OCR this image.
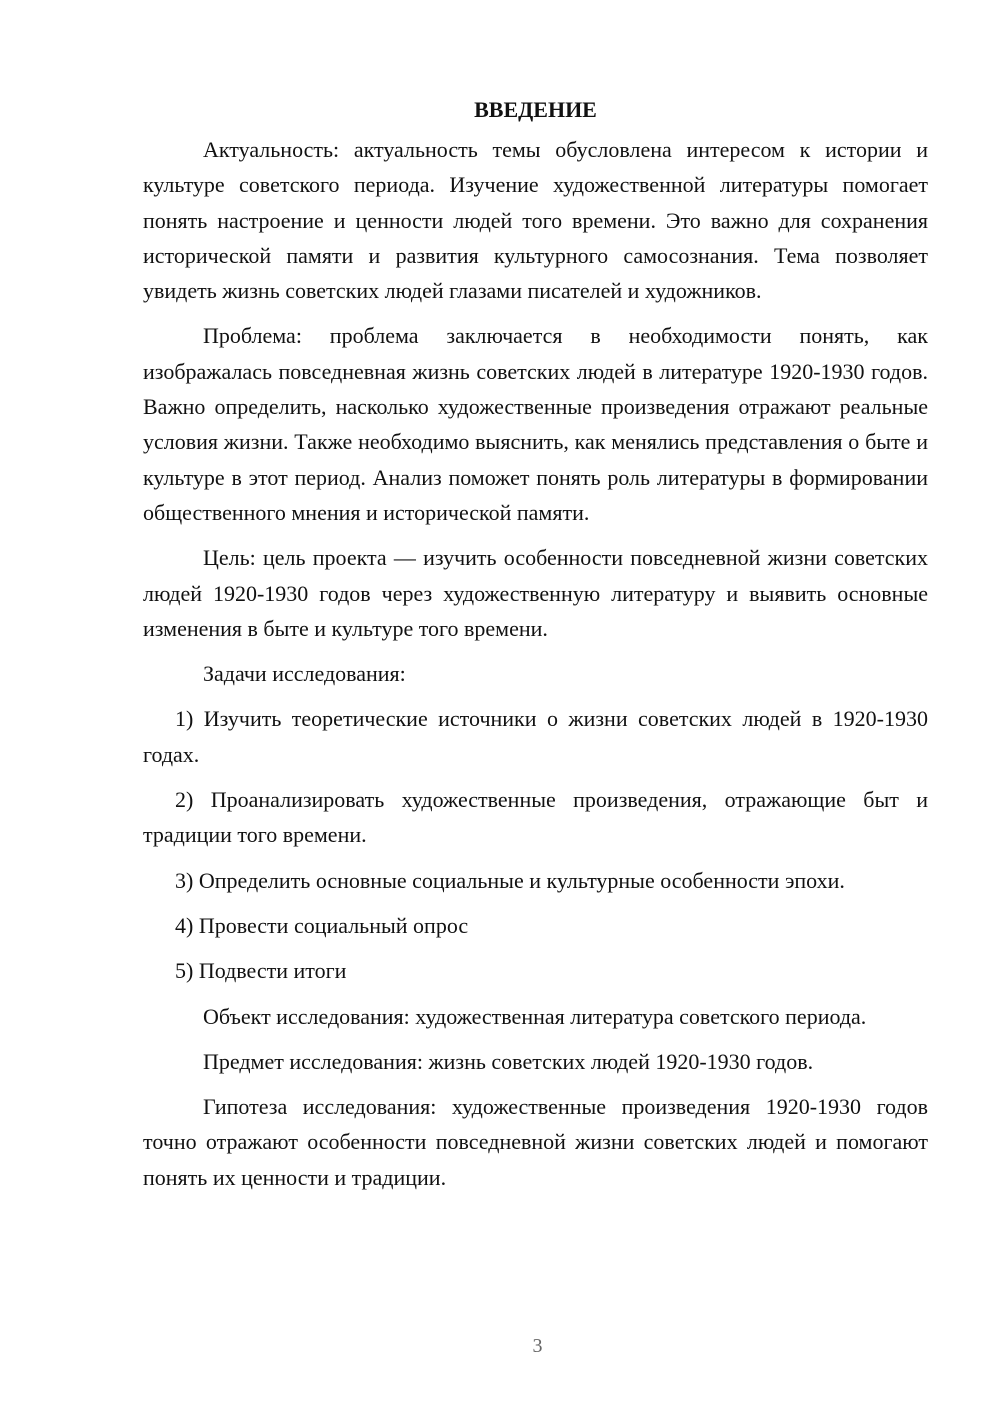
ВВЕДЕНИЕ

Актуальность: актуальность темы обусловлена интересом к истории и культуре советского периода. Изучение художественной литературы помогает понять настроение и ценности людей того времени. Это важно для сохранения исторической памяти и развития культурного самосознания. Тема позволяет увидеть жизнь советских людей глазами писателей и художников.

Проблема: проблема заключается в необходимости понять, как изображалась повседневная жизнь советских людей в литературе 1920-1930 годов. Важно определить, насколько художественные произведения отражают реальные условия жизни. Также необходимо выяснить, как менялись представления о быте и культуре в этот период. Анализ поможет понять роль литературы в формировании общественного мнения и исторической памяти.

Цель: цель проекта — изучить особенности повседневной жизни советских людей 1920-1930 годов через художественную литературу и выявить основные изменения в быте и культуре того времени.

Задачи исследования:

1) Изучить теоретические источники о жизни советских людей в 1920-1930 годах.

2) Проанализировать художественные произведения, отражающие быт и традиции того времени.

3) Определить основные социальные и культурные особенности эпохи.

4) Провести социальный опрос

5) Подвести итоги

Объект исследования: художественная литература советского периода.

Предмет исследования: жизнь советских людей 1920-1930 годов.

Гипотеза исследования: художественные произведения 1920-1930 годов точно отражают особенности повседневной жизни советских людей и помогают понять их ценности и традиции.

3
